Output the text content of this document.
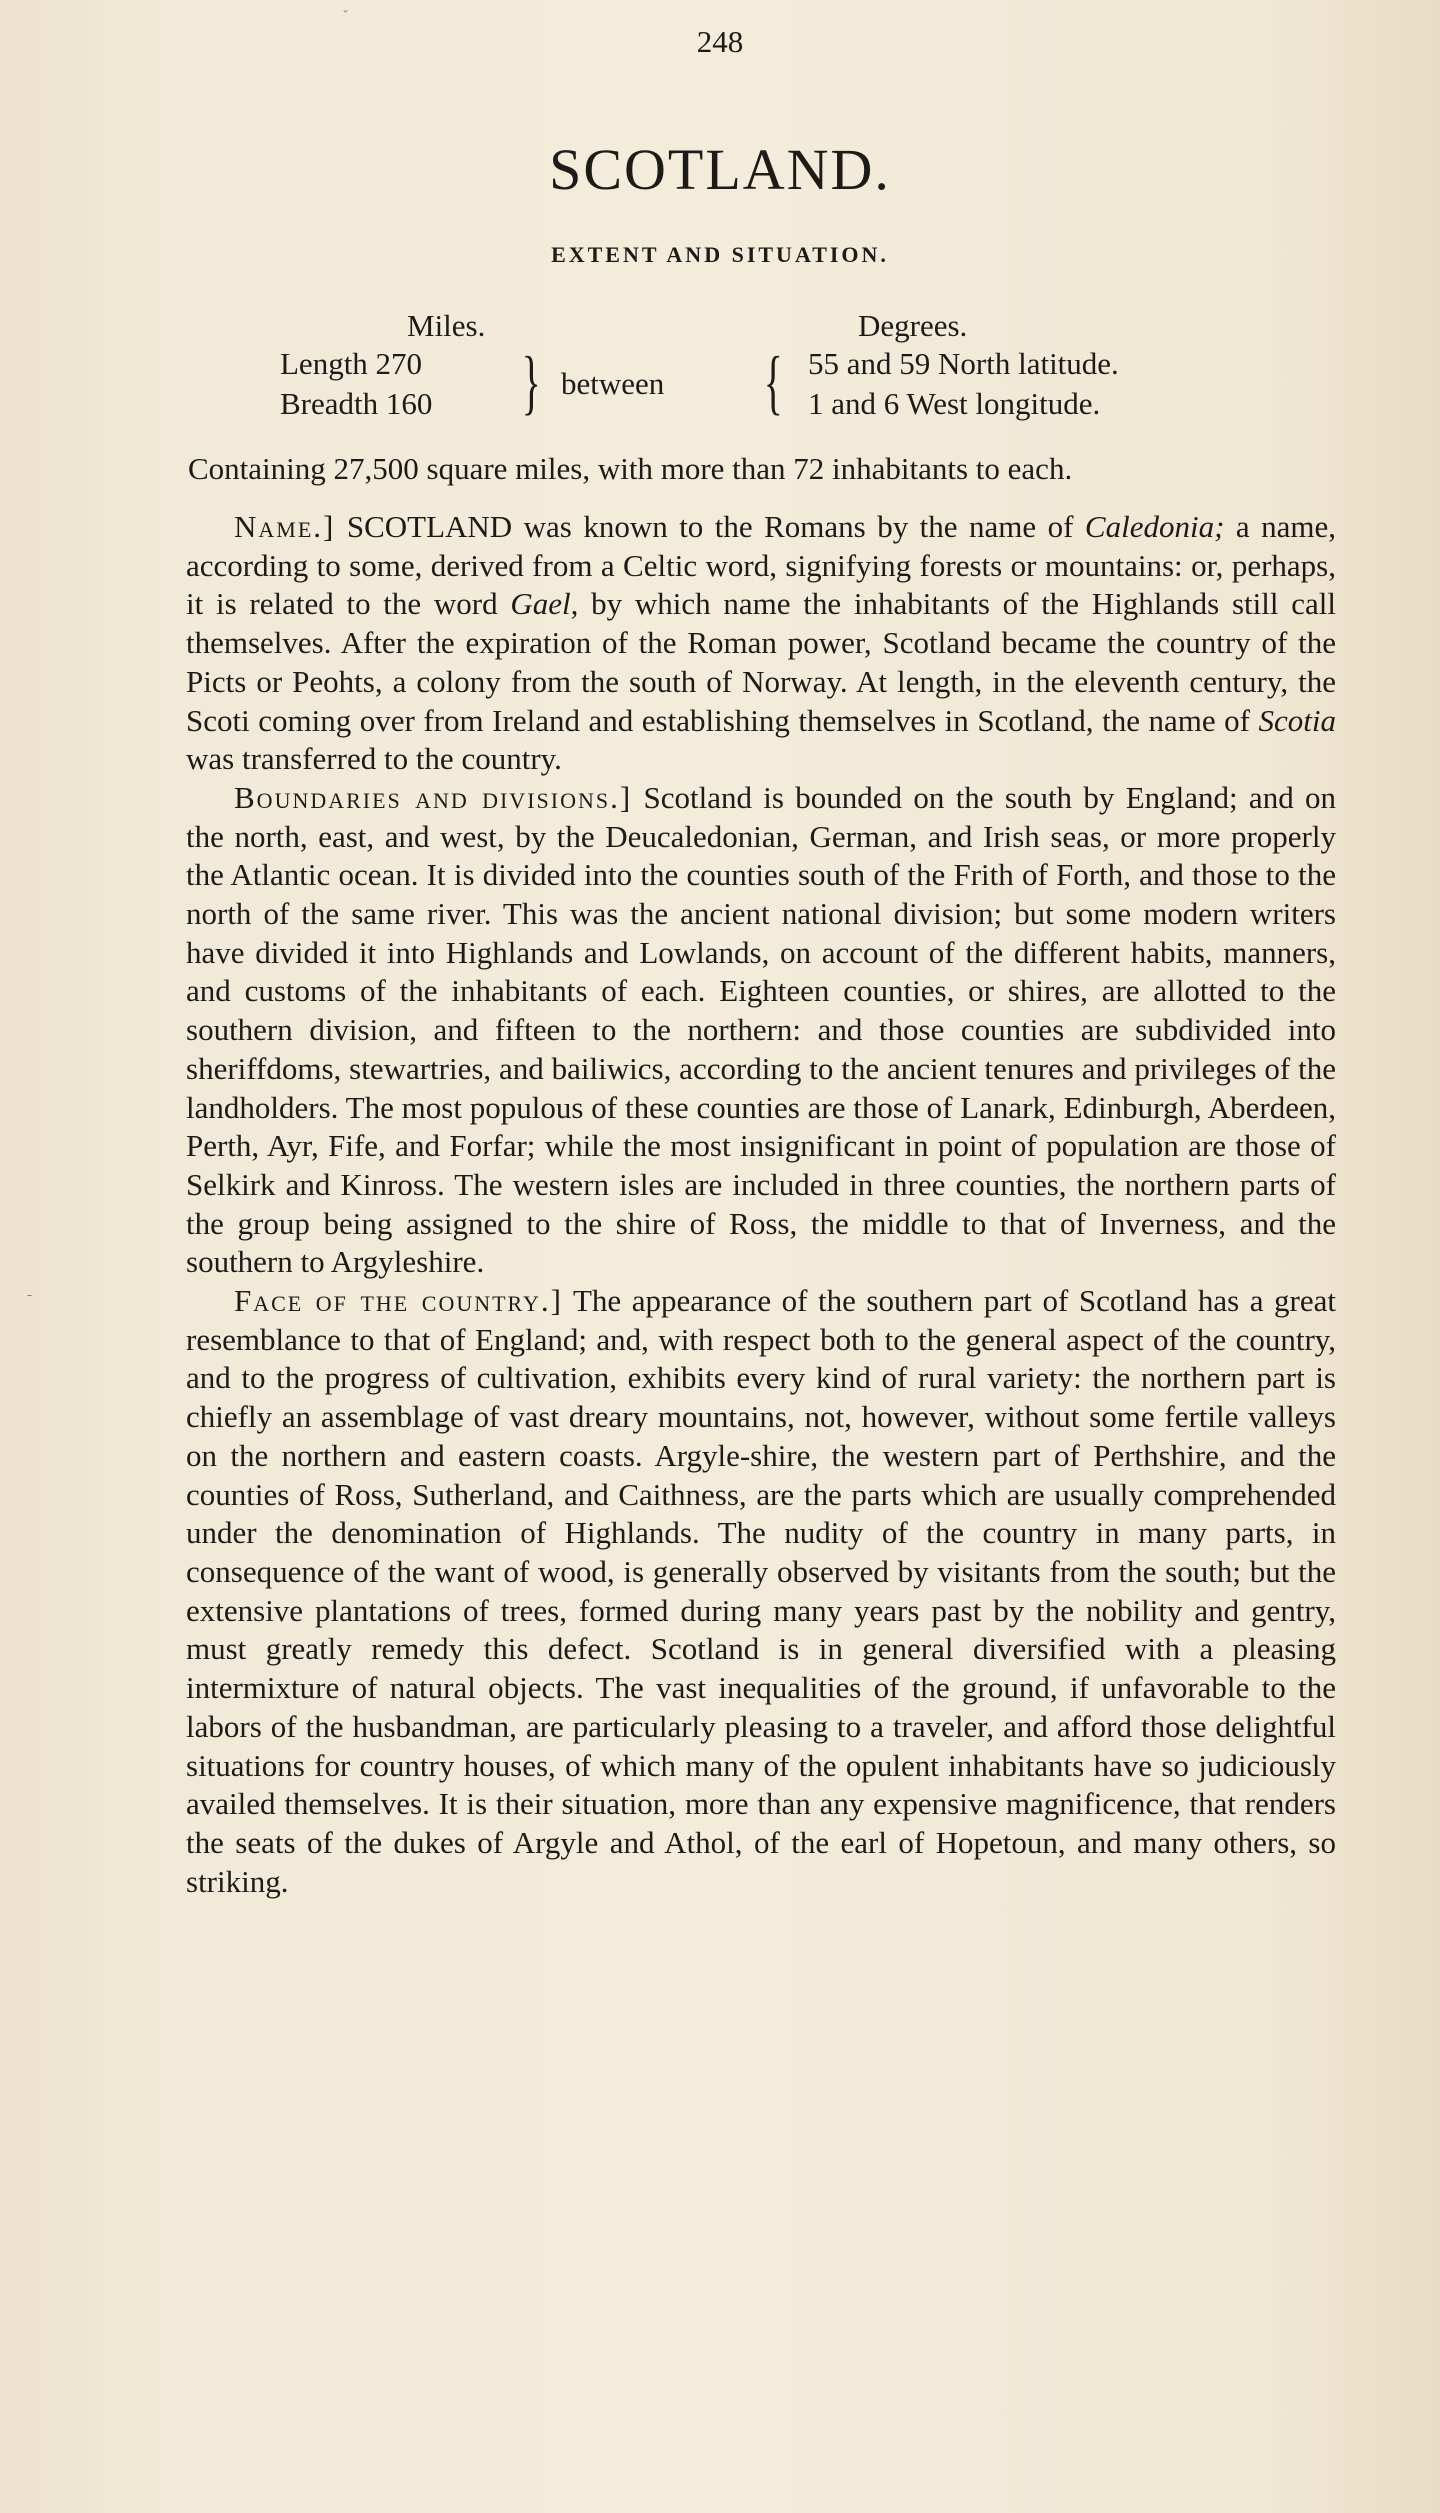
248
SCOTLAND.
EXTENT AND SITUATION.
Miles.	Degrees.
Length 270
Breadth 160 } between { 55 and 59 North latitude.
1 and 6 West longitude.
Containing 27,500 square miles, with more than 72 inhabitants to each.

Name.] SCOTLAND was known to the Romans by the name of Caledonia; a name, according to some, derived from a Celtic word, signifying forests or mountains: or, perhaps, it is related to the word Gael, by which name the inhabitants of the Highlands still call themselves. After the expiration of the Roman power, Scotland became the country of the Picts or Peohts, a colony from the south of Norway. At length, in the eleventh century, the Scoti coming over from Ireland and establishing themselves in Scotland, the name of Scotia was transferred to the country.

Boundaries and divisions.] Scotland is bounded on the south by England; and on the north, east, and west, by the Deucaledonian, German, and Irish seas, or more properly the Atlantic ocean. It is divided into the counties south of the Frith of Forth, and those to the north of the same river. This was the ancient national division; but some modern writers have divided it into Highlands and Lowlands, on account of the different habits, manners, and customs of the inhabitants of each. Eighteen counties, or shires, are allotted to the southern division, and fifteen to the northern: and those counties are subdivided into sheriffdoms, stewartries, and bailiwics, according to the ancient tenures and privileges of the landholders. The most populous of these counties are those of Lanark, Edinburgh, Aberdeen, Perth, Ayr, Fife, and Forfar; while the most insignificant in point of population are those of Selkirk and Kinross. The western isles are included in three counties, the northern parts of the group being assigned to the shire of Ross, the middle to that of Inverness, and the southern to Argyleshire.

Face of the country.] The appearance of the southern part of Scotland has a great resemblance to that of England; and, with respect both to the general aspect of the country, and to the progress of cultivation, exhibits every kind of rural variety: the northern part is chiefly an assemblage of vast dreary mountains, not, however, without some fertile valleys on the northern and eastern coasts. Argyle-shire, the western part of Perthshire, and the counties of Ross, Sutherland, and Caithness, are the parts which are usually comprehended under the denomination of Highlands. The nudity of the country in many parts, in consequence of the want of wood, is generally observed by visitants from the south; but the extensive plantations of trees, formed during many years past by the nobility and gentry, must greatly remedy this defect. Scotland is in general diversified with a pleasing intermixture of natural objects. The vast inequalities of the ground, if unfavorable to the labors of the husbandman, are particularly pleasing to a traveler, and afford those delightful situations for country houses, of which many of the opulent inhabitants have so judiciously availed themselves. It is their situation, more than any expensive magnificence, that renders the seats of the dukes of Argyle and Athol, of the earl of Hopetoun, and many others, so striking.

ˇ
ˍ
